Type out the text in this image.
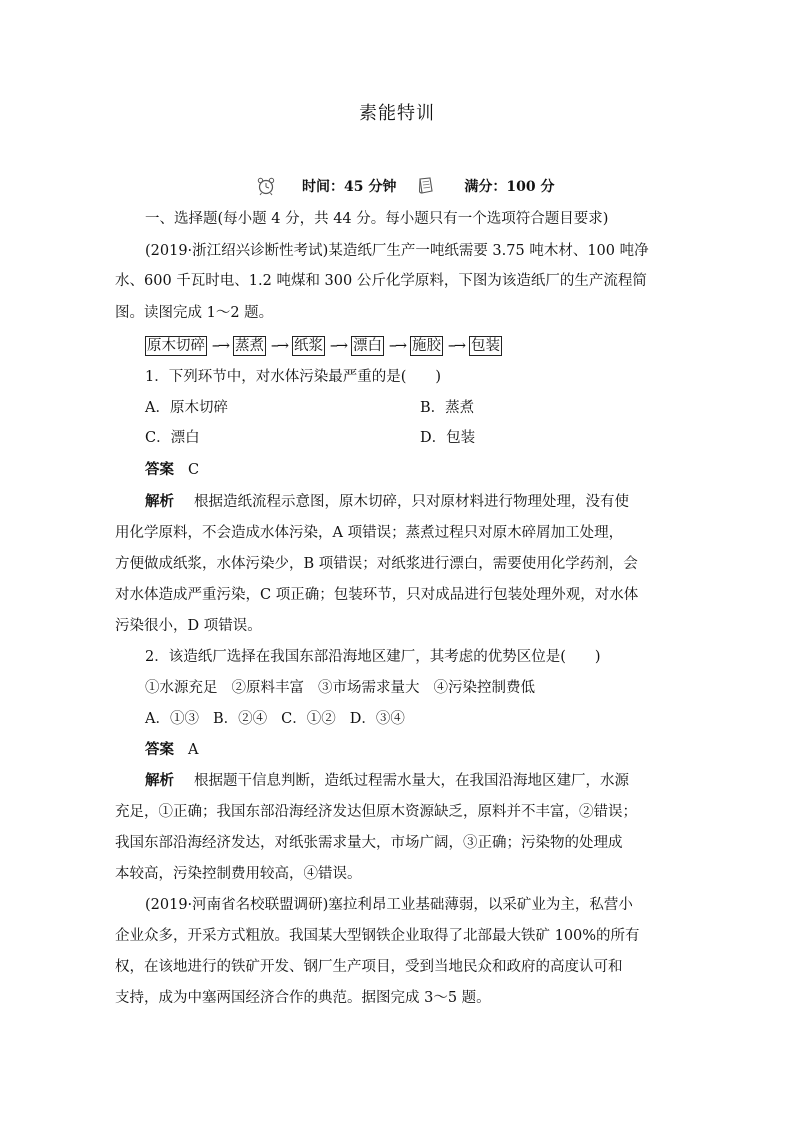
素能特训
时间：45 分钟	满分：100 分
一、选择题(每小题 4 分，共 44 分。每小题只有一个选项符合题目要求)
(2019·浙江绍兴诊断性考试)某造纸厂生产一吨纸需要 3.75 吨木材、100 吨净
水、600 千瓦时电、1.2 吨煤和 300 公斤化学原料，下图为该造纸厂的生产流程简
图。读图完成 1～2 题。
原木切碎 --→ 蒸煮 --→ 纸浆 --→ 漂白 --→ 施胶 --→ 包装
1．下列环节中，对水体污染最严重的是(　　)
A．原木切碎	B．蒸煮
C．漂白	D．包装
答案 C
解析 根据造纸流程示意图，原木切碎，只对原材料进行物理处理，没有使
用化学原料，不会造成水体污染，A 项错误；蒸煮过程只对原木碎屑加工处理，
方便做成纸浆，水体污染少，B 项错误；对纸浆进行漂白，需要使用化学药剂，会
对水体造成严重污染，C 项正确；包装环节，只对成品进行包装处理外观，对水体
污染很小，D 项错误。
2．该造纸厂选择在我国东部沿海地区建厂，其考虑的优势区位是(　　)
①水源充足 ②原料丰富 ③市场需求量大 ④污染控制费低
A．①③ B．②④ C．①② D．③④
答案 A
解析 根据题干信息判断，造纸过程需水量大，在我国沿海地区建厂，水源
充足，①正确；我国东部沿海经济发达但原木资源缺乏，原料并不丰富，②错误；
我国东部沿海经济发达，对纸张需求量大，市场广阔，③正确；污染物的处理成
本较高，污染控制费用较高，④错误。
(2019·河南省名校联盟调研)塞拉利昂工业基础薄弱，以采矿业为主，私营小
企业众多，开采方式粗放。我国某大型钢铁企业取得了北部最大铁矿 100%的所有
权，在该地进行的铁矿开发、钢厂生产项目，受到当地民众和政府的高度认可和
支持，成为中塞两国经济合作的典范。据图完成 3～5 题。
